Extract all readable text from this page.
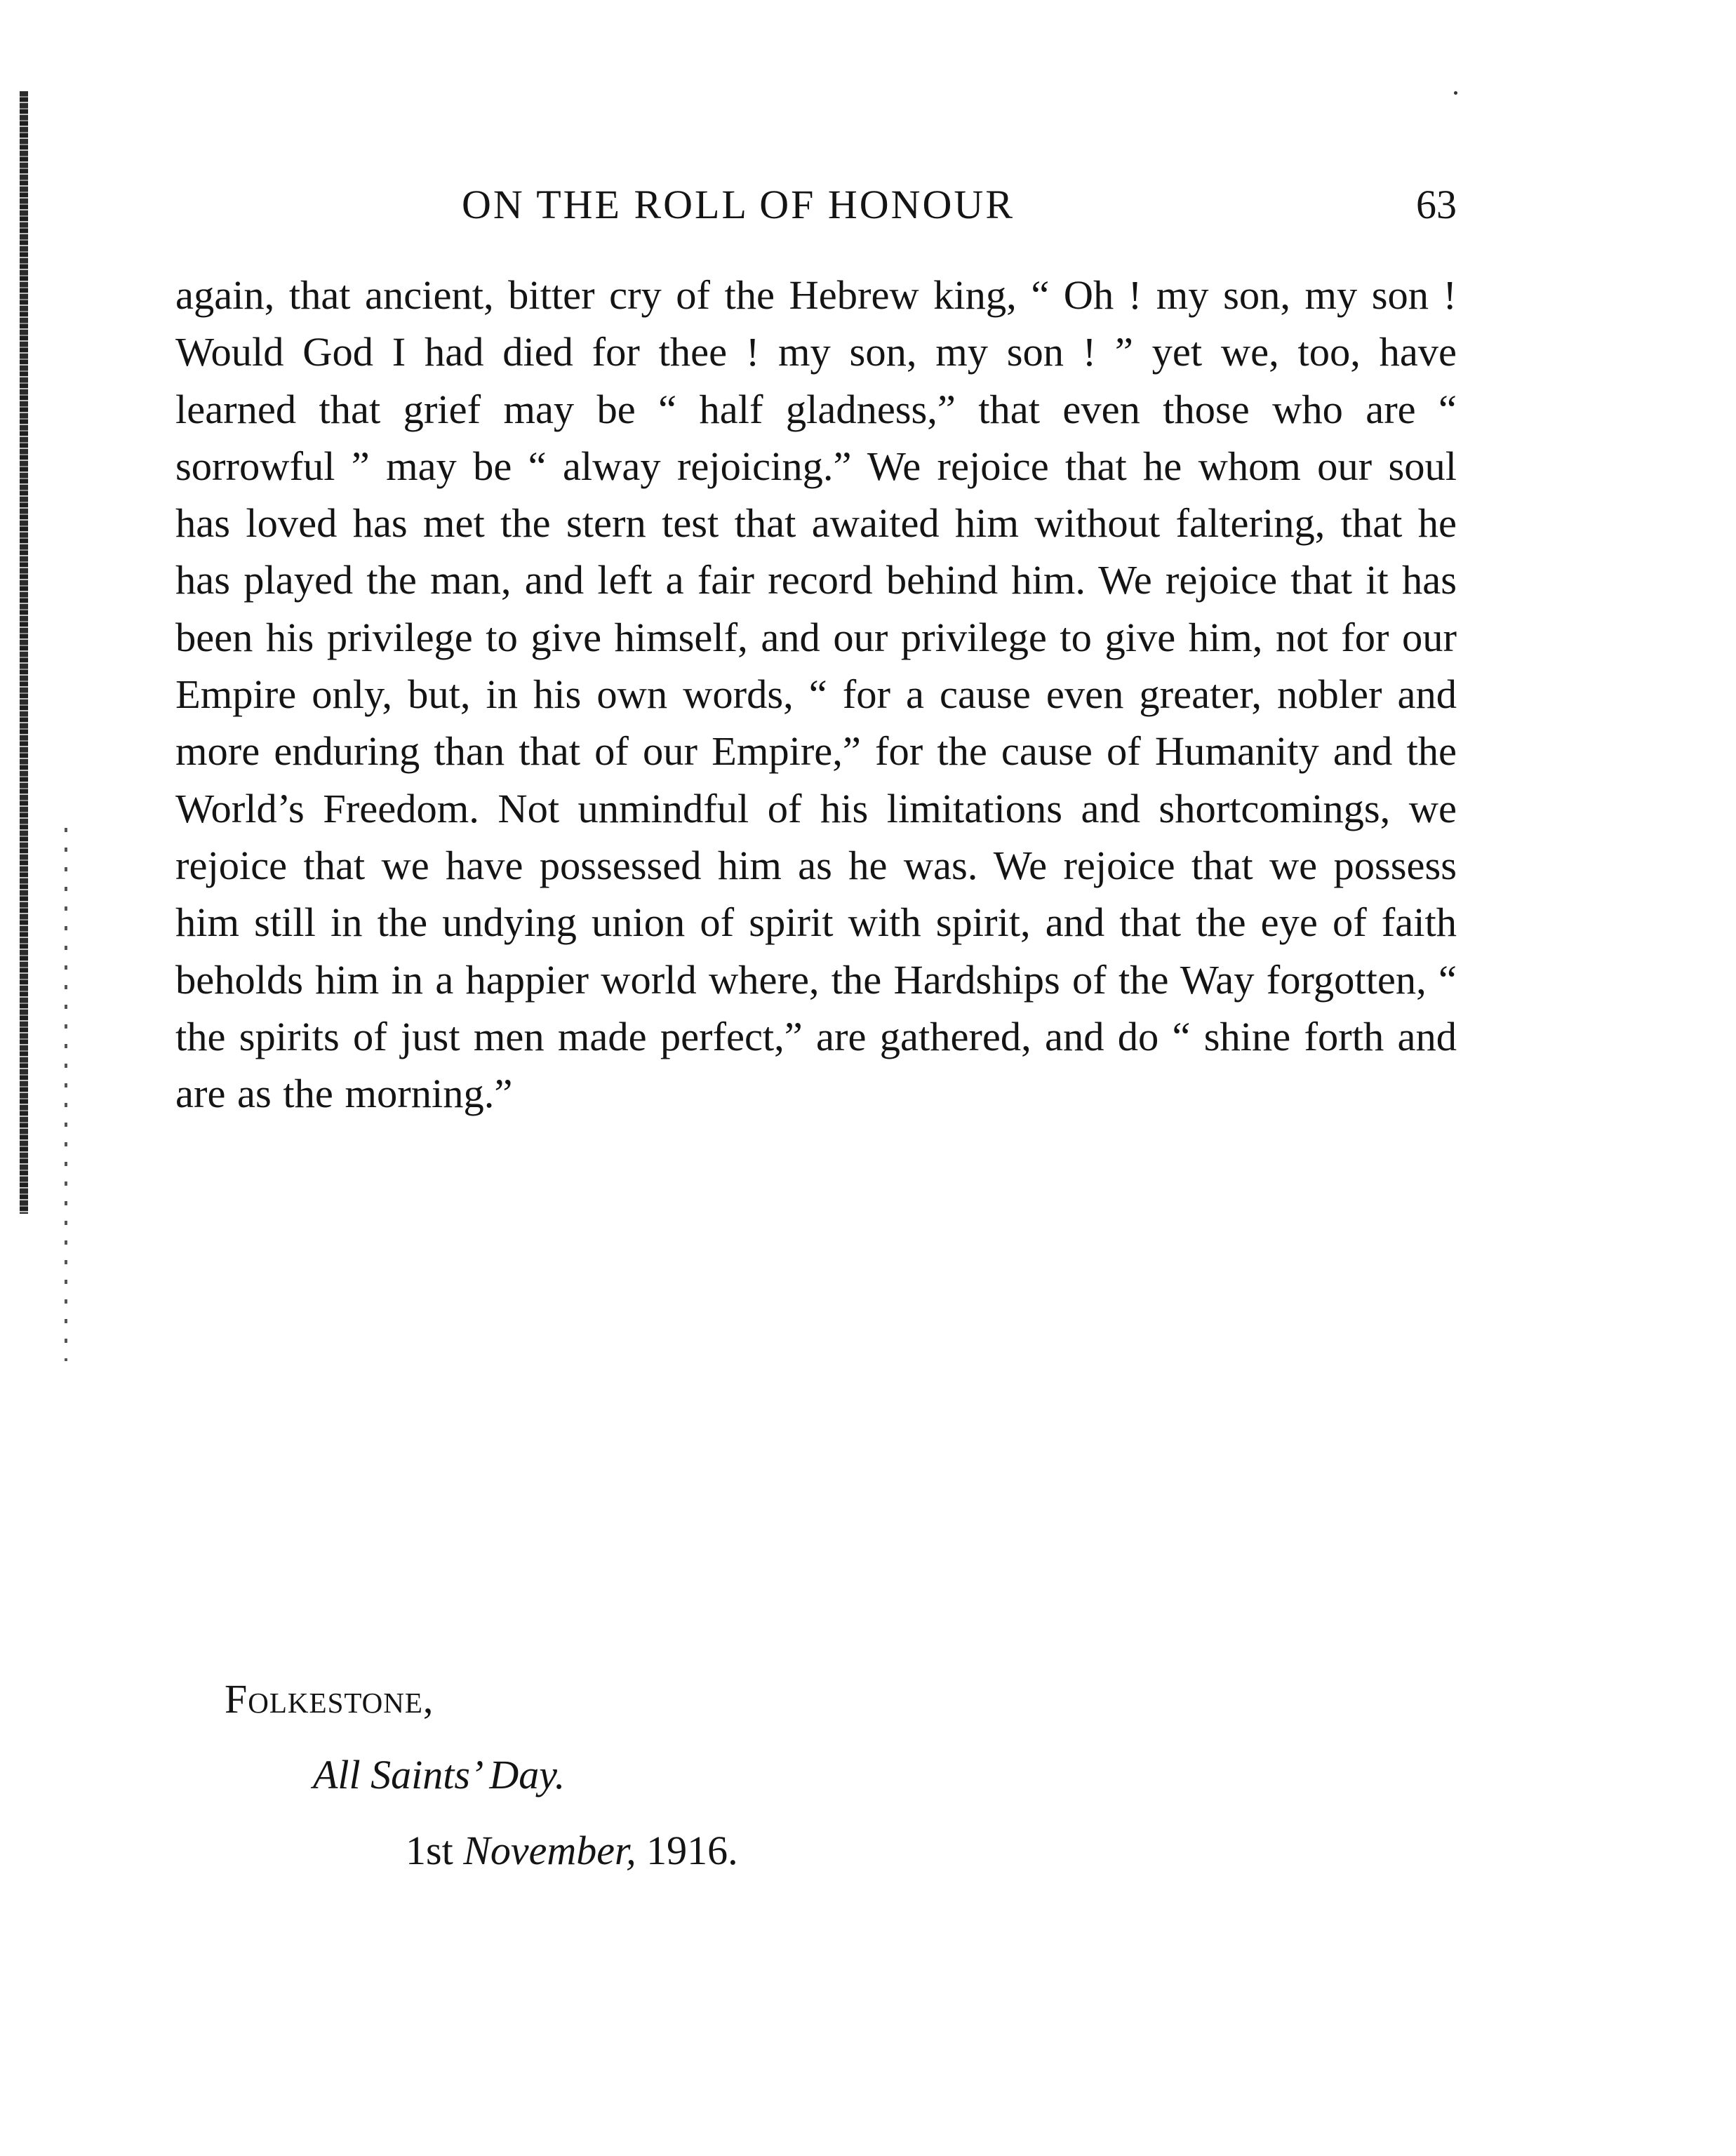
ON THE ROLL OF HONOUR	63

again, that ancient, bitter cry of the Hebrew king, “ Oh ! my son, my son ! Would God I had died for thee ! my son, my son ! ” yet we, too, have learned that grief may be “ half gladness,” that even those who are “ sorrowful ” may be “ alway rejoicing.” We rejoice that he whom our soul has loved has met the stern test that awaited him without faltering, that he has played the man, and left a fair record behind him. We rejoice that it has been his privilege to give himself, and our privilege to give him, not for our Empire only, but, in his own words, “ for a cause even greater, nobler and more enduring than that of our Empire,” for the cause of Humanity and the World’s Freedom. Not unmindful of his limitations and shortcomings, we rejoice that we have possessed him as he was. We rejoice that we possess him still in the undying union of spirit with spirit, and that the eye of faith beholds him in a happier world where, the Hardships of the Way forgotten, “ the spirits of just men made perfect,” are gathered, and do “ shine forth and are as the morning.”

Folkestone,
All Saints’ Day.
1st November, 1916.
